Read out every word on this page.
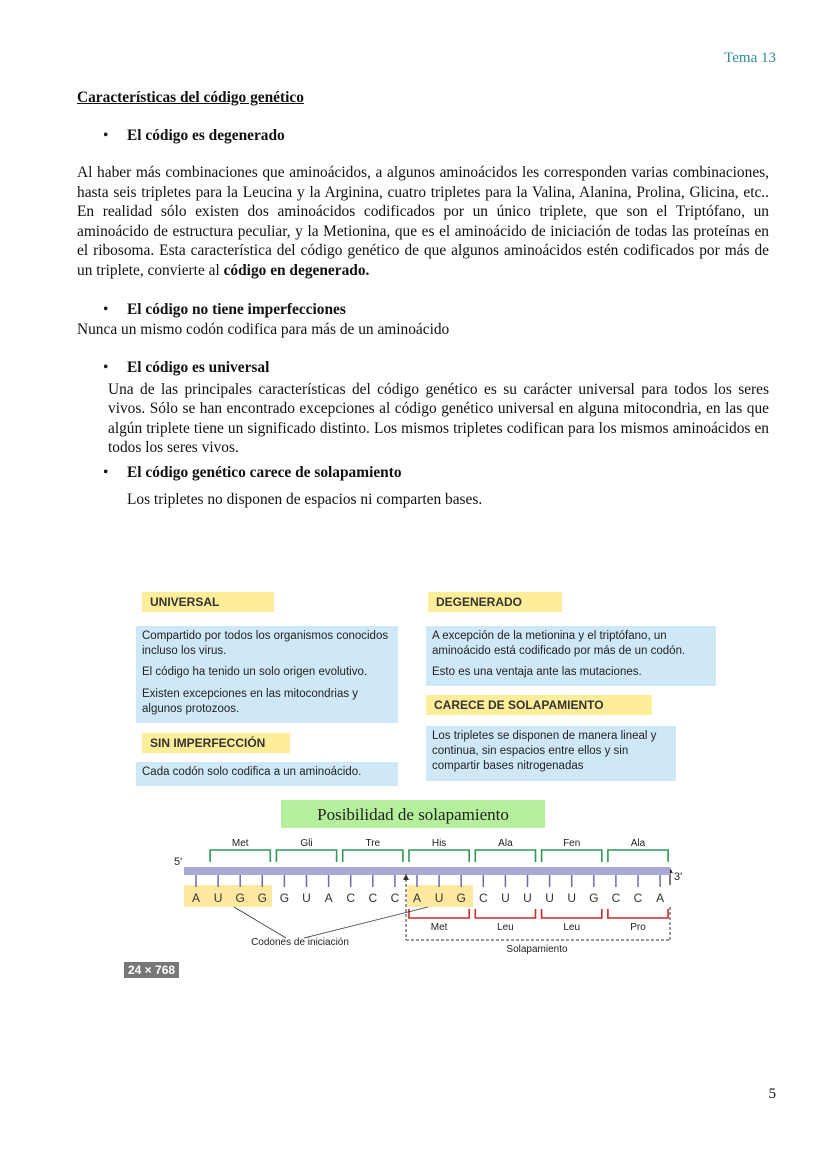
Tema 13

Características del código genético

• El código es degenerado

Al haber más combinaciones que aminoácidos, a algunos aminoácidos les corresponden varias combinaciones, hasta seis tripletes para la Leucina y la Arginina, cuatro tripletes para la Valina, Alanina, Prolina, Glicina, etc.. En realidad sólo existen dos aminoácidos codificados por un único triplete, que son el Triptófano, un aminoácido de estructura peculiar, y la Metionina, que es el aminoácido de iniciación de todas las proteínas en el ribosoma. Esta característica del código genético de que algunos aminoácidos estén codificados por más de un triplete, convierte al código en degenerado.

• El código no tiene imperfecciones

Nunca un mismo codón codifica para más de un aminoácido

• El código es universal

Una de las principales características del código genético es su carácter universal para todos los seres vivos. Sólo se han encontrado excepciones al código genético universal en alguna mitocondria, en las que algún triplete tiene un significado distinto. Los mismos tripletes codifican para los mismos aminoácidos en todos los seres vivos.

• El código genético carece de solapamiento

Los tripletes no disponen de espacios ni comparten bases.

UNIVERSAL	DEGENERADO
Compartido por todos los organismos conocidos incluso los virus.
El código ha tenido un solo origen evolutivo.
Existen excepciones en las mitocondrias y algunos protozoos.
A excepción de la metionina y el triptófano, un aminoácido está codificado por más de un codón.
Esto es una ventaja ante las mutaciones.
CARECE DE SOLAPAMIENTO
SIN IMPERFECCIÓN	Los tripletes se disponen de manera lineal y continua, sin espacios entre ellos y sin compartir bases nitrogenadas
Cada codón solo codifica a un aminoácido.
Posibilidad de solapamiento
Met	Gli	Tre	His	Ala	Fen	Ala
5'
3'
A U G G G U A C C C A U G C U U U U G C C A
Met	Leu	Leu	Pro
Codones de iniciación
Solapamiento
24 × 768
5
